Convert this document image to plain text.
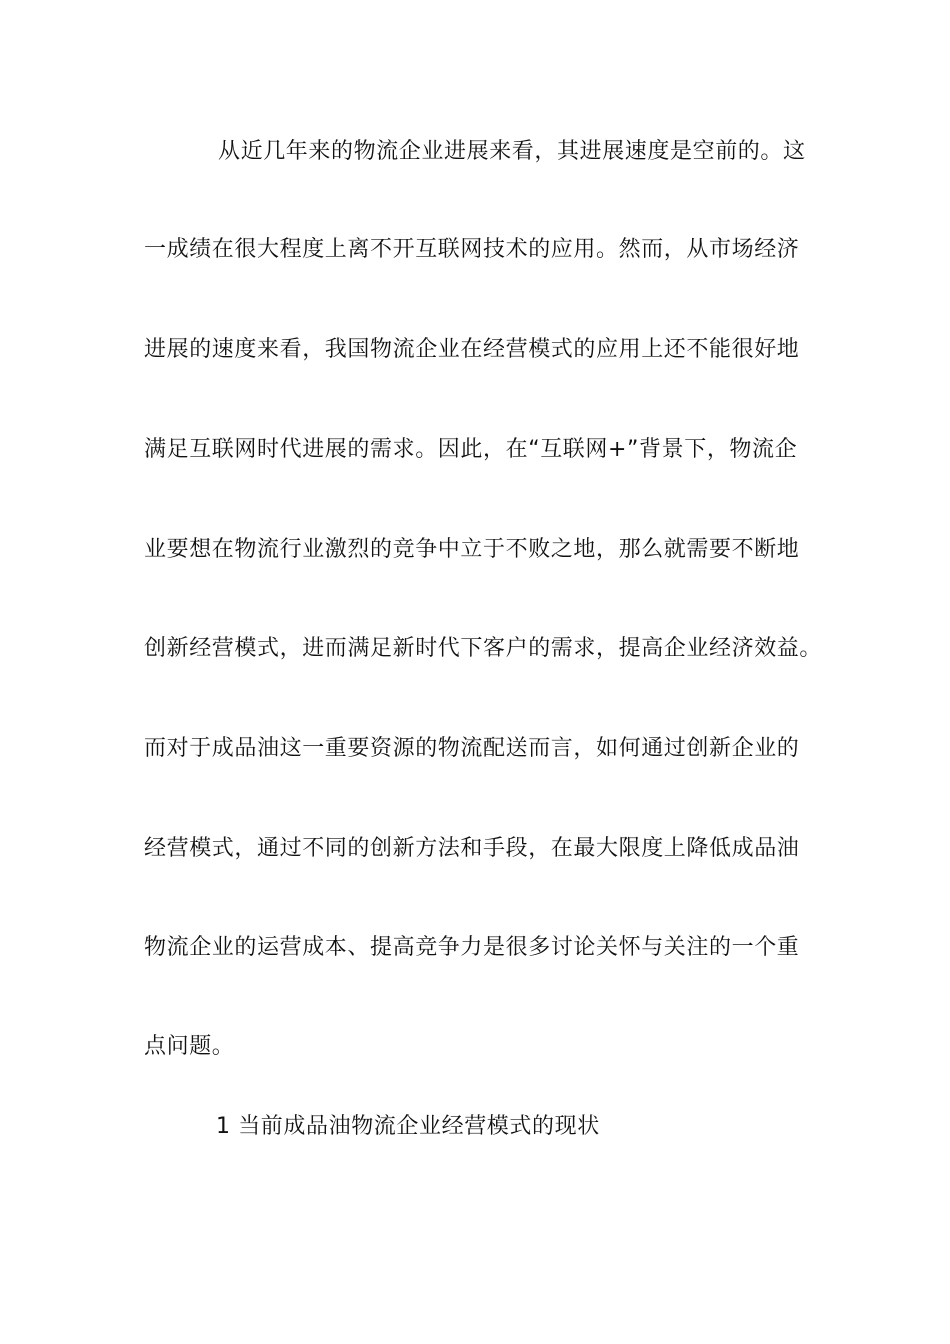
从近几年来的物流企业进展来看，其进展速度是空前的。这
一成绩在很大程度上离不开互联网技术的应用。然而，从市场经济
进展的速度来看，我国物流企业在经营模式的应用上还不能很好地
满足互联网时代进展的需求。因此，在“互联网+”背景下，物流企
业要想在物流行业激烈的竞争中立于不败之地，那么就需要不断地
创新经营模式，进而满足新时代下客户的需求，提高企业经济效益。
而对于成品油这一重要资源的物流配送而言，如何通过创新企业的
经营模式，通过不同的创新方法和手段，在最大限度上降低成品油
物流企业的运营成本、提高竞争力是很多讨论关怀与关注的一个重
点问题。
1 当前成品油物流企业经营模式的现状
